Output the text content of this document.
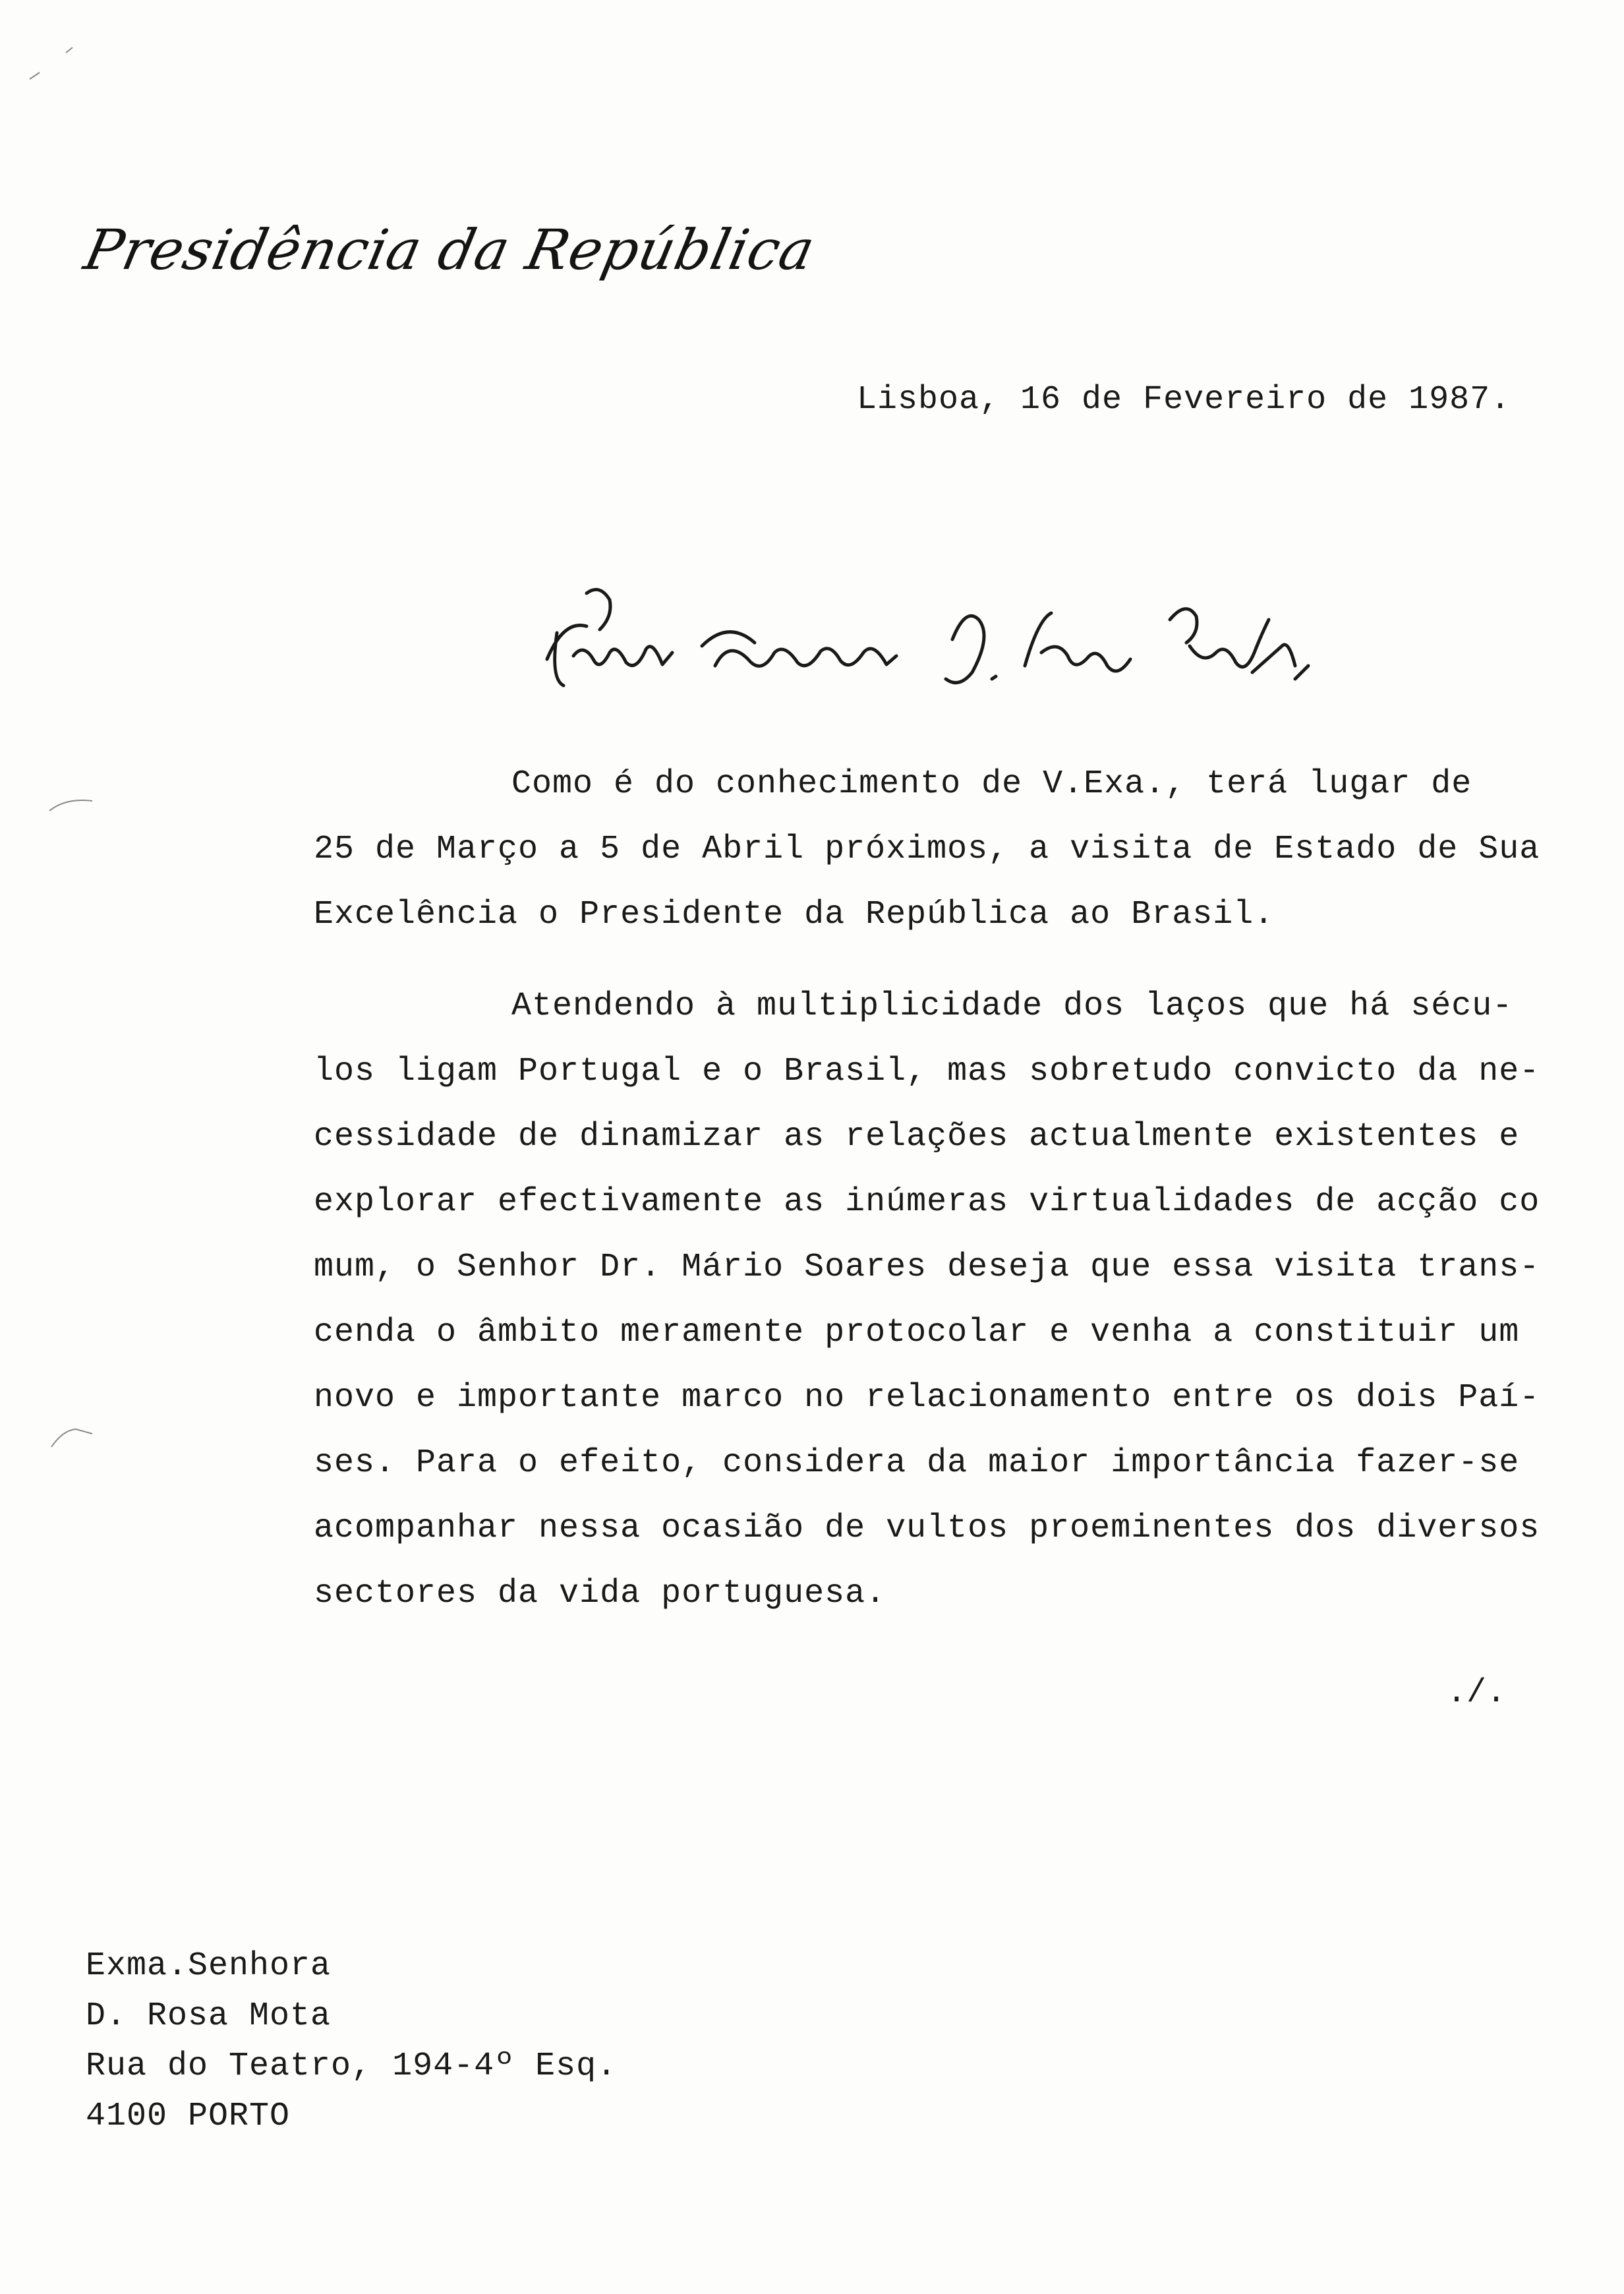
Presidência da República
Lisboa, 16 de Fevereiro de 1987.
Como é do conhecimento de V.Exa., terá lugar de
25 de Março a 5 de Abril próximos, a visita de Estado de Sua
Excelência o Presidente da República ao Brasil.
Atendendo à multiplicidade dos laços que há sécu-
los ligam Portugal e o Brasil, mas sobretudo convicto da ne-
cessidade de dinamizar as relações actualmente existentes e
explorar efectivamente as inúmeras virtualidades de acção co
mum, o Senhor Dr. Mário Soares deseja que essa visita trans-
cenda o âmbito meramente protocolar e venha a constituir um
novo e importante marco no relacionamento entre os dois Paí-
ses. Para o efeito, considera da maior importância fazer-se
acompanhar nessa ocasião de vultos proeminentes dos diversos
sectores da vida portuguesa.
./.
Exma.Senhora
D. Rosa Mota
Rua do Teatro, 194-4º Esq.
4100 PORTO
